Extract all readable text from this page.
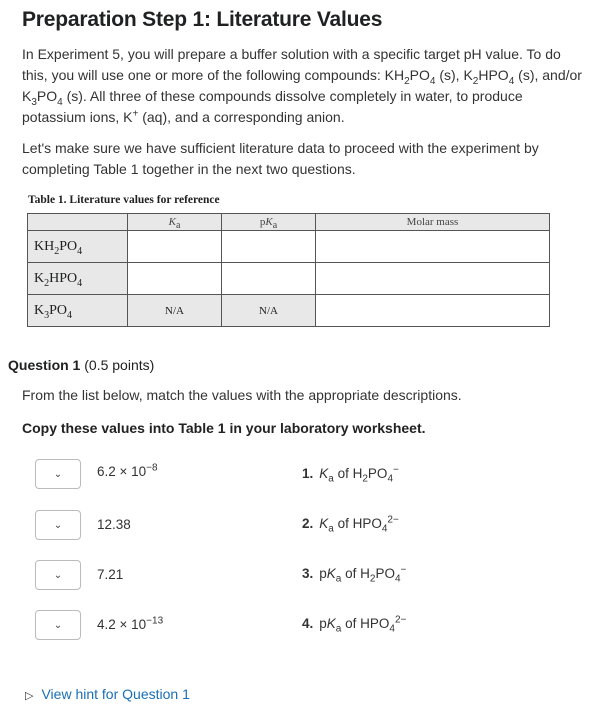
Preparation Step 1: Literature Values
In Experiment 5, you will prepare a buffer solution with a specific target pH value. To do this, you will use one or more of the following compounds: $KH_2PO_4$ (s), $K_2HPO_4$ (s), and/or $K_3PO_4$ (s). All three of these compounds dissolve completely in water, to produce potassium ions, K+ (aq), and a corresponding anion.
Let's make sure we have sufficient literature data to proceed with the experiment by completing Table 1 together in the next two questions.
Table 1. Literature values for reference
	$K_a$	$pK_a$	Molar mass
$KH_2PO_4$			
$K_2HPO_4$			
$K_3PO_4$	N/A	N/A	
Question 1 (0.5 points)
From the list below, match the values with the appropriate descriptions.
Copy these values into Table 1 in your laboratory worksheet.
⌄	$6.2 \times 10^{-8}$	1. $K_a$ of $H_2PO_4^-$
⌄	12.38	2. $K_a$ of $HPO_4^{2-}$
⌄	7.21	3. $pK_a$ of $H_2PO_4^-$
⌄	$4.2 \times 10^{-13}$	4. $pK_a$ of $HPO_4^{2-}$
▷ View hint for Question 1
